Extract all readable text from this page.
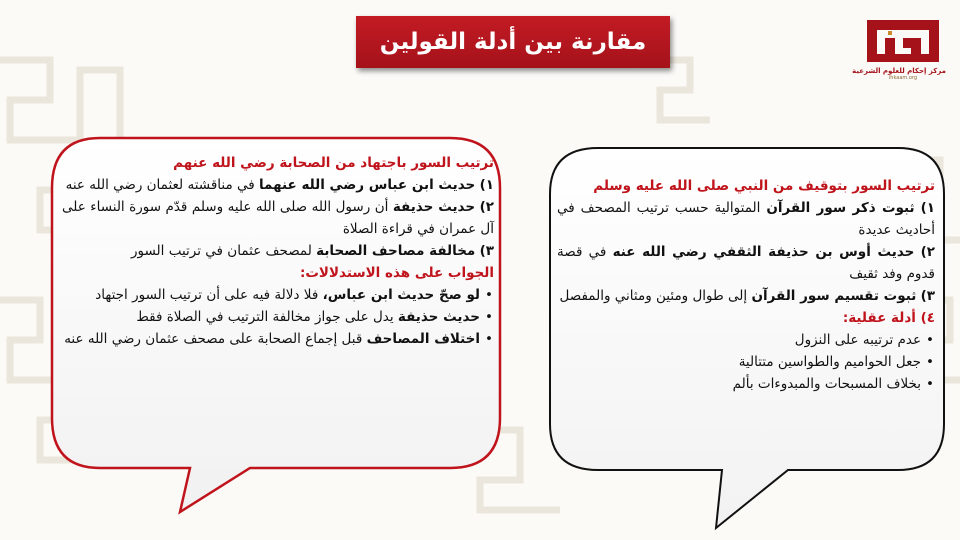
مقارنة بين أدلة القولين
مركز إحكام للعلوم الشرعية
ihkaam.org

ترتيب السور بتوقيف من النبي صلى الله عليه وسلم

١) ثبوت ذكر سور القرآن المتوالية حسب ترتيب المصحف في أحاديث عديدة

٢) حديث أوس بن حذيفة الثقفي رضي الله عنه في قصة قدوم وفد ثقيف

٣) ثبوت تقسيم سور القرآن إلى طوال ومئين ومثاني والمفصل

٤) أدلة عقلية:

• عدم ترتيبه على النزول
• جعل الحواميم والطواسين متتالية
• بخلاف المسبحات والمبدوءات بألم

ترتيب السور باجتهاد من الصحابة رضي الله عنهم

١) حديث ابن عباس رضي الله عنهما في مناقشته لعثمان رضي الله عنه

٢) حديث حذيفة أن رسول الله صلى الله عليه وسلم قدّم سورة النساء على آل عمران في قراءة الصلاة

٣) مخالفة مصاحف الصحابة لمصحف عثمان في ترتيب السور

الجواب على هذه الاستدلالات:

• لو صحّ حديث ابن عباس، فلا دلالة فيه على أن ترتيب السور اجتهاد
• حديث حذيفة يدل على جواز مخالفة الترتيب في الصلاة فقط
• اختلاف المصاحف قبل إجماع الصحابة على مصحف عثمان رضي الله عنه
